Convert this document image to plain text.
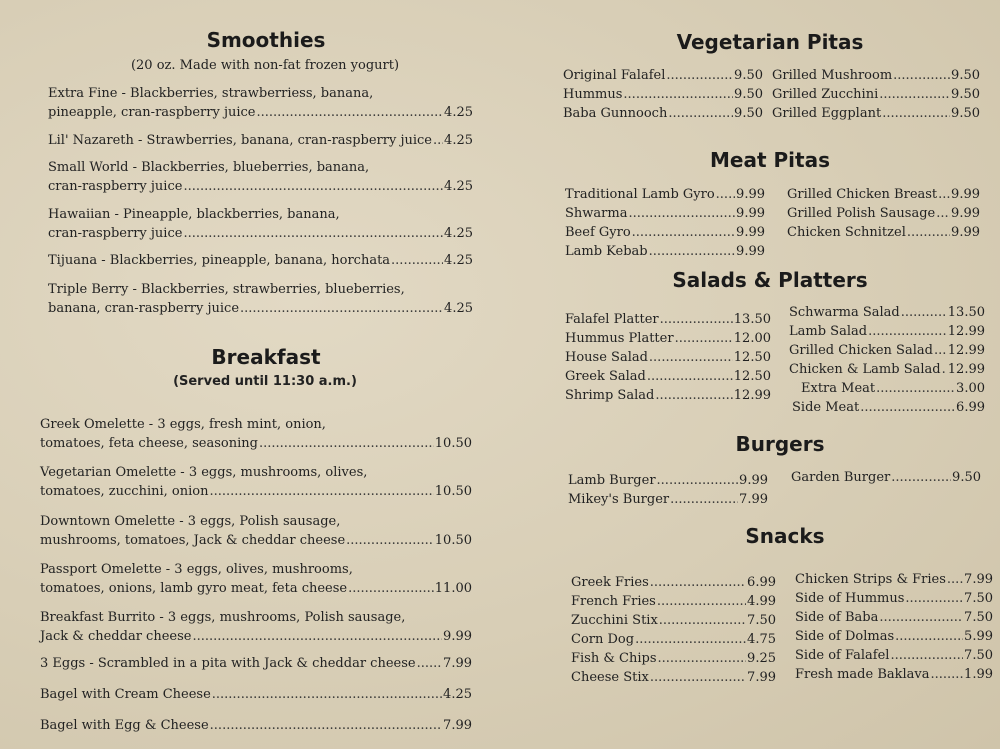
Smoothies
(20 oz. Made with non-fat frozen yogurt)
Extra Fine - Blackberries, strawberriess, banana,
pineapple, cran-raspberry juice .....	4.25
Lil' Nazareth - Strawberries, banana, cran-raspberry juice ..... 4.25
Small World - Blackberries, blueberries, banana,
cran-raspberry juice .....	4.25
Hawaiian - Pineapple, blackberries, banana,
cran-raspberry juice .....	4.25
Tijuana - Blackberries, pineapple, banana, horchata .....	4.25
Triple Berry - Blackberries, strawberries, blueberries,
banana, cran-raspberry juice .....	4.25
Breakfast
(Served until 11:30 a.m.)
Greek Omelette - 3 eggs, fresh mint, onion,
tomatoes, feta cheese, seasoning .....	10.50
Vegetarian Omelette - 3 eggs, mushrooms, olives,
tomatoes, zucchini, onion .....	10.50
Downtown Omelette - 3 eggs, Polish sausage,
mushrooms, tomatoes, Jack & cheddar cheese .....	10.50
Passport Omelette - 3 eggs, olives, mushrooms,
tomatoes, onions, lamb gyro meat, feta cheese .....	11.00
Breakfast Burrito - 3 eggs, mushrooms, Polish sausage,
Jack & cheddar cheese .....	9.99
3 Eggs - Scrambled in a pita with Jack & cheddar cheese ..... 7.99
Bagel with Cream Cheese .....	4.25
Bagel with Egg & Cheese .....	7.99
Vegetarian Pitas
Original Falafel .....	9.50
Hummus .....	9.50
Baba Gunnooch .....	9.50
Grilled Mushroom .....	9.50
Grilled Zucchini .....	9.50
Grilled Eggplant .....	9.50
Meat Pitas
Traditional Lamb Gyro ..... 9.99
Shwarma .....	9.99
Beef Gyro .....	9.99
Lamb Kebab .....	9.99
Grilled Chicken Breast ..... 9.99
Grilled Polish Sausage ..... 9.99
Chicken Schnitzel .....	9.99
Salads & Platters
Falafel Platter .....	13.50
Hummus Platter .....	12.00
House Salad .....	12.50
Greek Salad .....	12.50
Shrimp Salad .....	12.99
Schwarma Salad .....	13.50
Lamb Salad .....	12.99
Grilled Chicken Salad ..... 12.99
Chicken & Lamb Salad ..... 12.99
Extra Meat .....	3.00
Side Meat .....	6.99
Burgers
Lamb Burger .....	9.99
Mikey's Burger .....	7.99
Garden Burger .....	9.50
Snacks
Greek Fries .....	6.99
French Fries .....	4.99
Zucchini Stix .....	7.50
Corn Dog .....	4.75
Fish & Chips .....	9.25
Cheese Stix .....	7.99
Chicken Strips & Fries ..... 7.99
Side of Hummus .....	7.50
Side of Baba .....	7.50
Side of Dolmas .....	5.99
Side of Falafel .....	7.50
Fresh made Baklava .....	1.99
